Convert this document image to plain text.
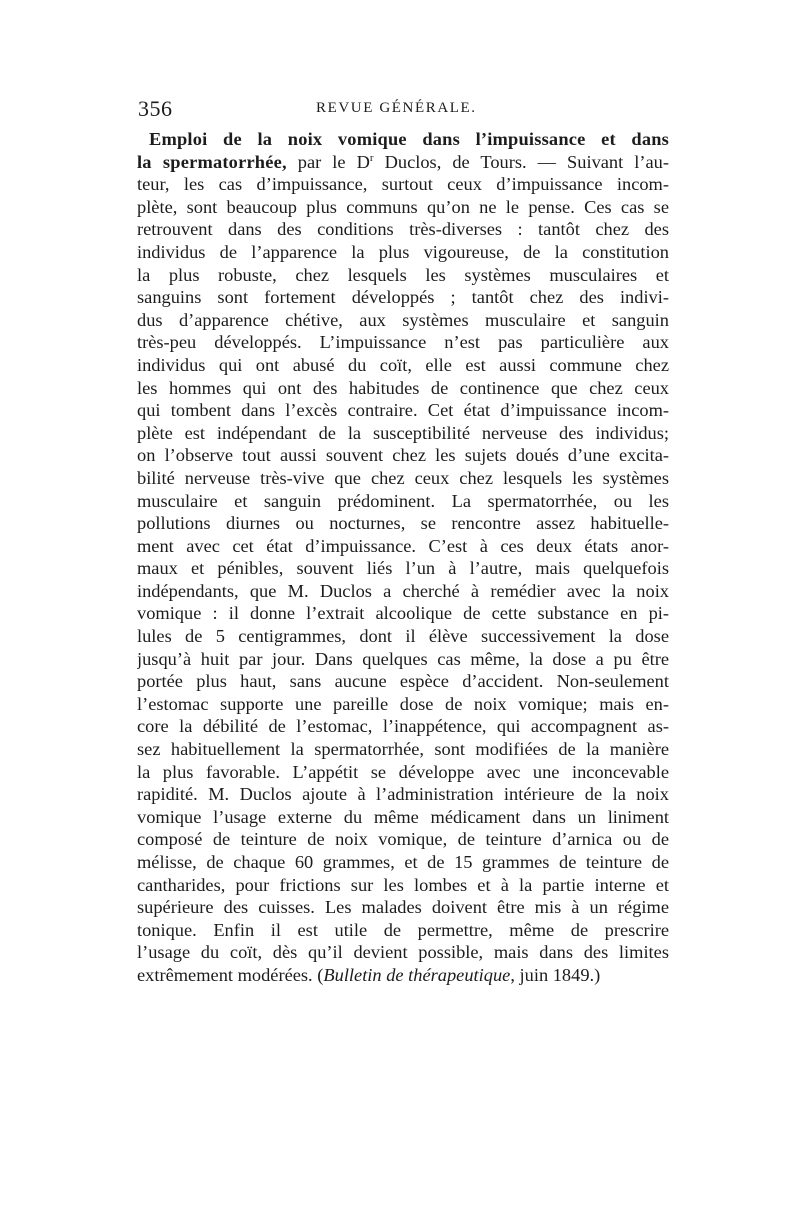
356	REVUE GÉNÉRALE.
Emploi de la noix vomique dans l’impuissance et dans
la spermatorrhée, par le $D^r$ Duclos, de Tours. — Suivant l’au-
teur, les cas d’impuissance, surtout ceux d’impuissance incom-
plète, sont beaucoup plus communs qu’on ne le pense. Ces cas se
retrouvent dans des conditions très-diverses : tantôt chez des
individus de l’apparence la plus vigoureuse, de la constitution
la plus robuste, chez lesquels les systèmes musculaires et
sanguins sont fortement développés ; tantôt chez des indivi-
dus d’apparence chétive, aux systèmes musculaire et sanguin
très-peu développés. L’impuissance n’est pas particulière aux
individus qui ont abusé du coït, elle est aussi commune chez
les hommes qui ont des habitudes de continence que chez ceux
qui tombent dans l’excès contraire. Cet état d’impuissance incom-
plète est indépendant de la susceptibilité nerveuse des individus;
on l’observe tout aussi souvent chez les sujets doués d’une excita-
bilité nerveuse très-vive que chez ceux chez lesquels les systèmes
musculaire et sanguin prédominent. La spermatorrhée, ou les
pollutions diurnes ou nocturnes, se rencontre assez habituelle-
ment avec cet état d’impuissance. C’est à ces deux états anor-
maux et pénibles, souvent liés l’un à l’autre, mais quelquefois
indépendants, que M. Duclos a cherché à remédier avec la noix
vomique : il donne l’extrait alcoolique de cette substance en pi-
lules de 5 centigrammes, dont il élève successivement la dose
jusqu’à huit par jour. Dans quelques cas même, la dose a pu être
portée plus haut, sans aucune espèce d’accident. Non-seulement
l’estomac supporte une pareille dose de noix vomique; mais en-
core la débilité de l’estomac, l’inappétence, qui accompagnent as-
sez habituellement la spermatorrhée, sont modifiées de la manière
la plus favorable. L’appétit se développe avec une inconcevable
rapidité. M. Duclos ajoute à l’administration intérieure de la noix
vomique l’usage externe du même médicament dans un liniment
composé de teinture de noix vomique, de teinture d’arnica ou de
mélisse, de chaque 60 grammes, et de 15 grammes de teinture de
cantharides, pour frictions sur les lombes et à la partie interne et
supérieure des cuisses. Les malades doivent être mis à un régime
tonique. Enfin il est utile de permettre, même de prescrire
l’usage du coït, dès qu’il devient possible, mais dans des limites
extrêmement modérées. (Bulletin de thérapeutique, juin 1849.)
